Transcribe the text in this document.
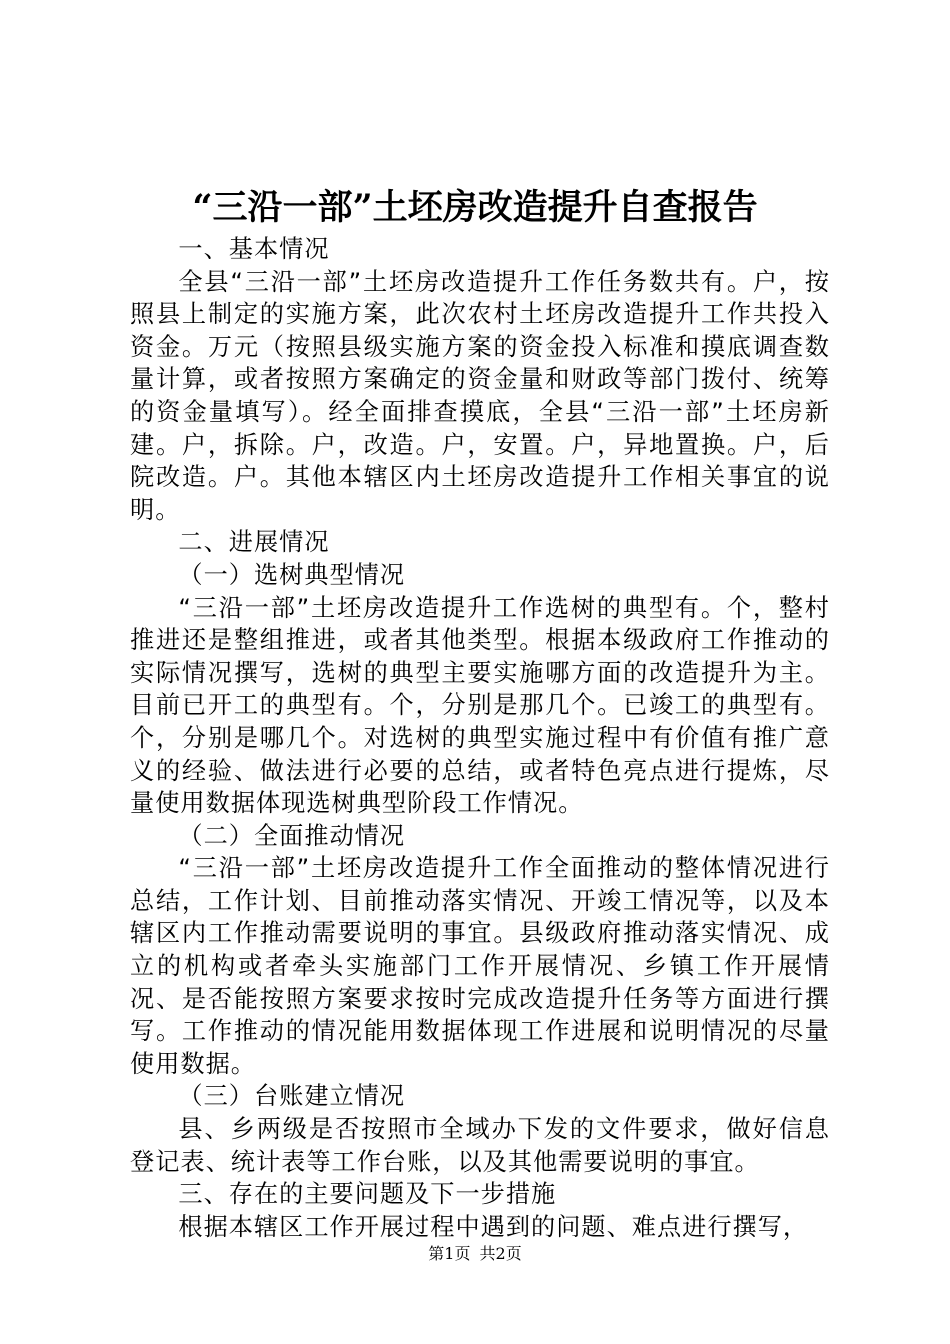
“三沿一部”土坯房改造提升自查报告

一、基本情况

全县“三沿一部”土坯房改造提升工作任务数共有。户，按照县上制定的实施方案，此次农村土坯房改造提升工作共投入资金。万元（按照县级实施方案的资金投入标准和摸底调查数量计算，或者按照方案确定的资金量和财政等部门拨付、统筹的资金量填写）。经全面排查摸底，全县“三沿一部”土坯房新建。户，拆除。户，改造。户，安置。户，异地置换。户，后院改造。户。其他本辖区内土坯房改造提升工作相关事宜的说明。

二、进展情况

（一）选树典型情况

“三沿一部”土坯房改造提升工作选树的典型有。个，整村推进还是整组推进，或者其他类型。根据本级政府工作推动的实际情况撰写，选树的典型主要实施哪方面的改造提升为主。目前已开工的典型有。个，分别是那几个。已竣工的典型有。个，分别是哪几个。对选树的典型实施过程中有价值有推广意义的经验、做法进行必要的总结，或者特色亮点进行提炼，尽量使用数据体现选树典型阶段工作情况。

（二）全面推动情况

“三沿一部”土坯房改造提升工作全面推动的整体情况进行总结，工作计划、目前推动落实情况、开竣工情况等，以及本辖区内工作推动需要说明的事宜。县级政府推动落实情况、成立的机构或者牵头实施部门工作开展情况、乡镇工作开展情况、是否能按照方案要求按时完成改造提升任务等方面进行撰写。工作推动的情况能用数据体现工作进展和说明情况的尽量使用数据。

（三）台账建立情况

县、乡两级是否按照市全域办下发的文件要求，做好信息登记表、统计表等工作台账，以及其他需要说明的事宜。

三、存在的主要问题及下一步措施

根据本辖区工作开展过程中遇到的问题、难点进行撰写，

第1页 共2页
